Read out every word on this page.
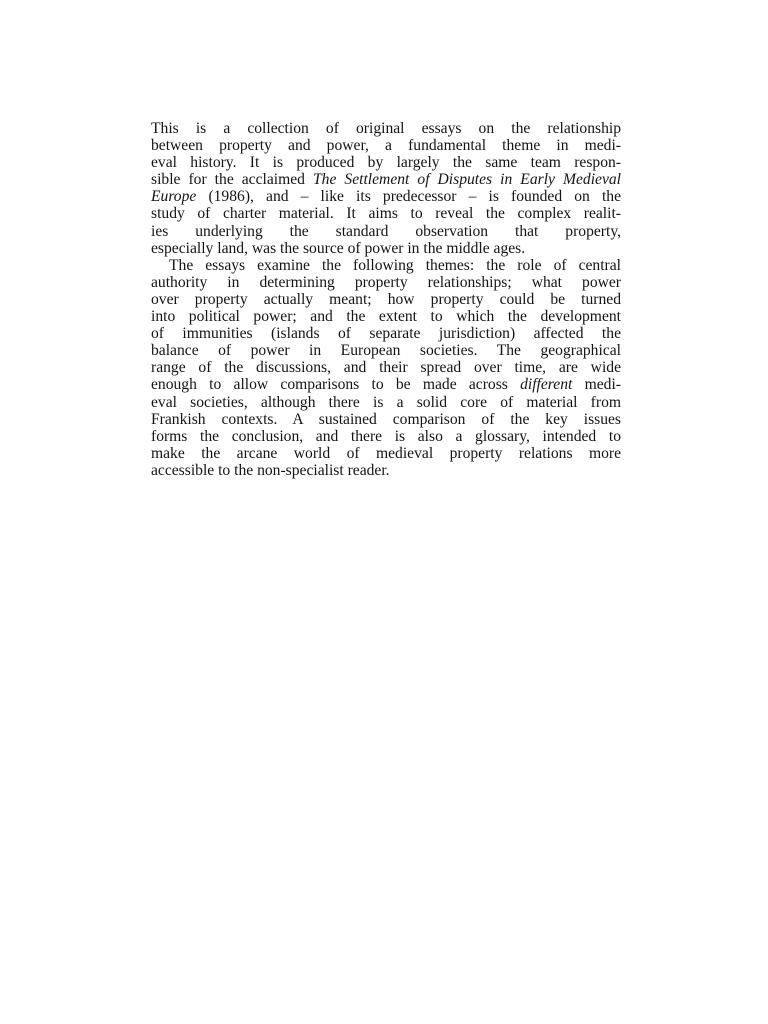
This is a collection of original essays on the relationship
between property and power, a fundamental theme in medi-
eval history. It is produced by largely the same team respon-
sible for the acclaimed The Settlement of Disputes in Early Medieval
Europe (1986), and – like its predecessor – is founded on the
study of charter material. It aims to reveal the complex realit-
ies underlying the standard observation that property,
especially land, was the source of power in the middle ages.
The essays examine the following themes: the role of central
authority in determining property relationships; what power
over property actually meant; how property could be turned
into political power; and the extent to which the development
of immunities (islands of separate jurisdiction) affected the
balance of power in European societies. The geographical
range of the discussions, and their spread over time, are wide
enough to allow comparisons to be made across different medi-
eval societies, although there is a solid core of material from
Frankish contexts. A sustained comparison of the key issues
forms the conclusion, and there is also a glossary, intended to
make the arcane world of medieval property relations more
accessible to the non-specialist reader.
